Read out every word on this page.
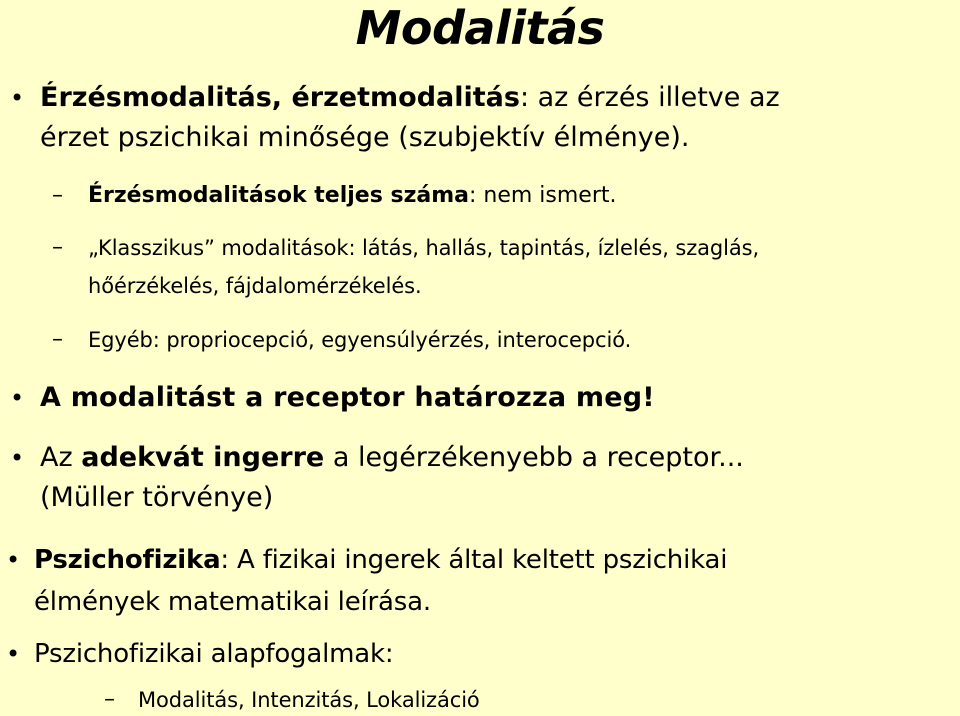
Modalitás
• Érzésmodalitás, érzetmodalitás: az érzés illetve az
érzet pszichikai minősége (szubjektív élménye).
– Érzésmodalitások teljes száma: nem ismert.
– „Klasszikus” modalitások: látás, hallás, tapintás, ízlelés, szaglás,
hőérzékelés, fájdalomérzékelés.
– Egyéb: propriocepció, egyensúlyérzés, interocepció.
• A modalitást a receptor határozza meg!
• Az adekvát ingerre a legérzékenyebb a receptor...
(Müller törvénye)
• Pszichofizika: A fizikai ingerek által keltett pszichikai
élmények matematikai leírása.
• Pszichofizikai alapfogalmak:
– Modalitás, Intenzitás, Lokalizáció
